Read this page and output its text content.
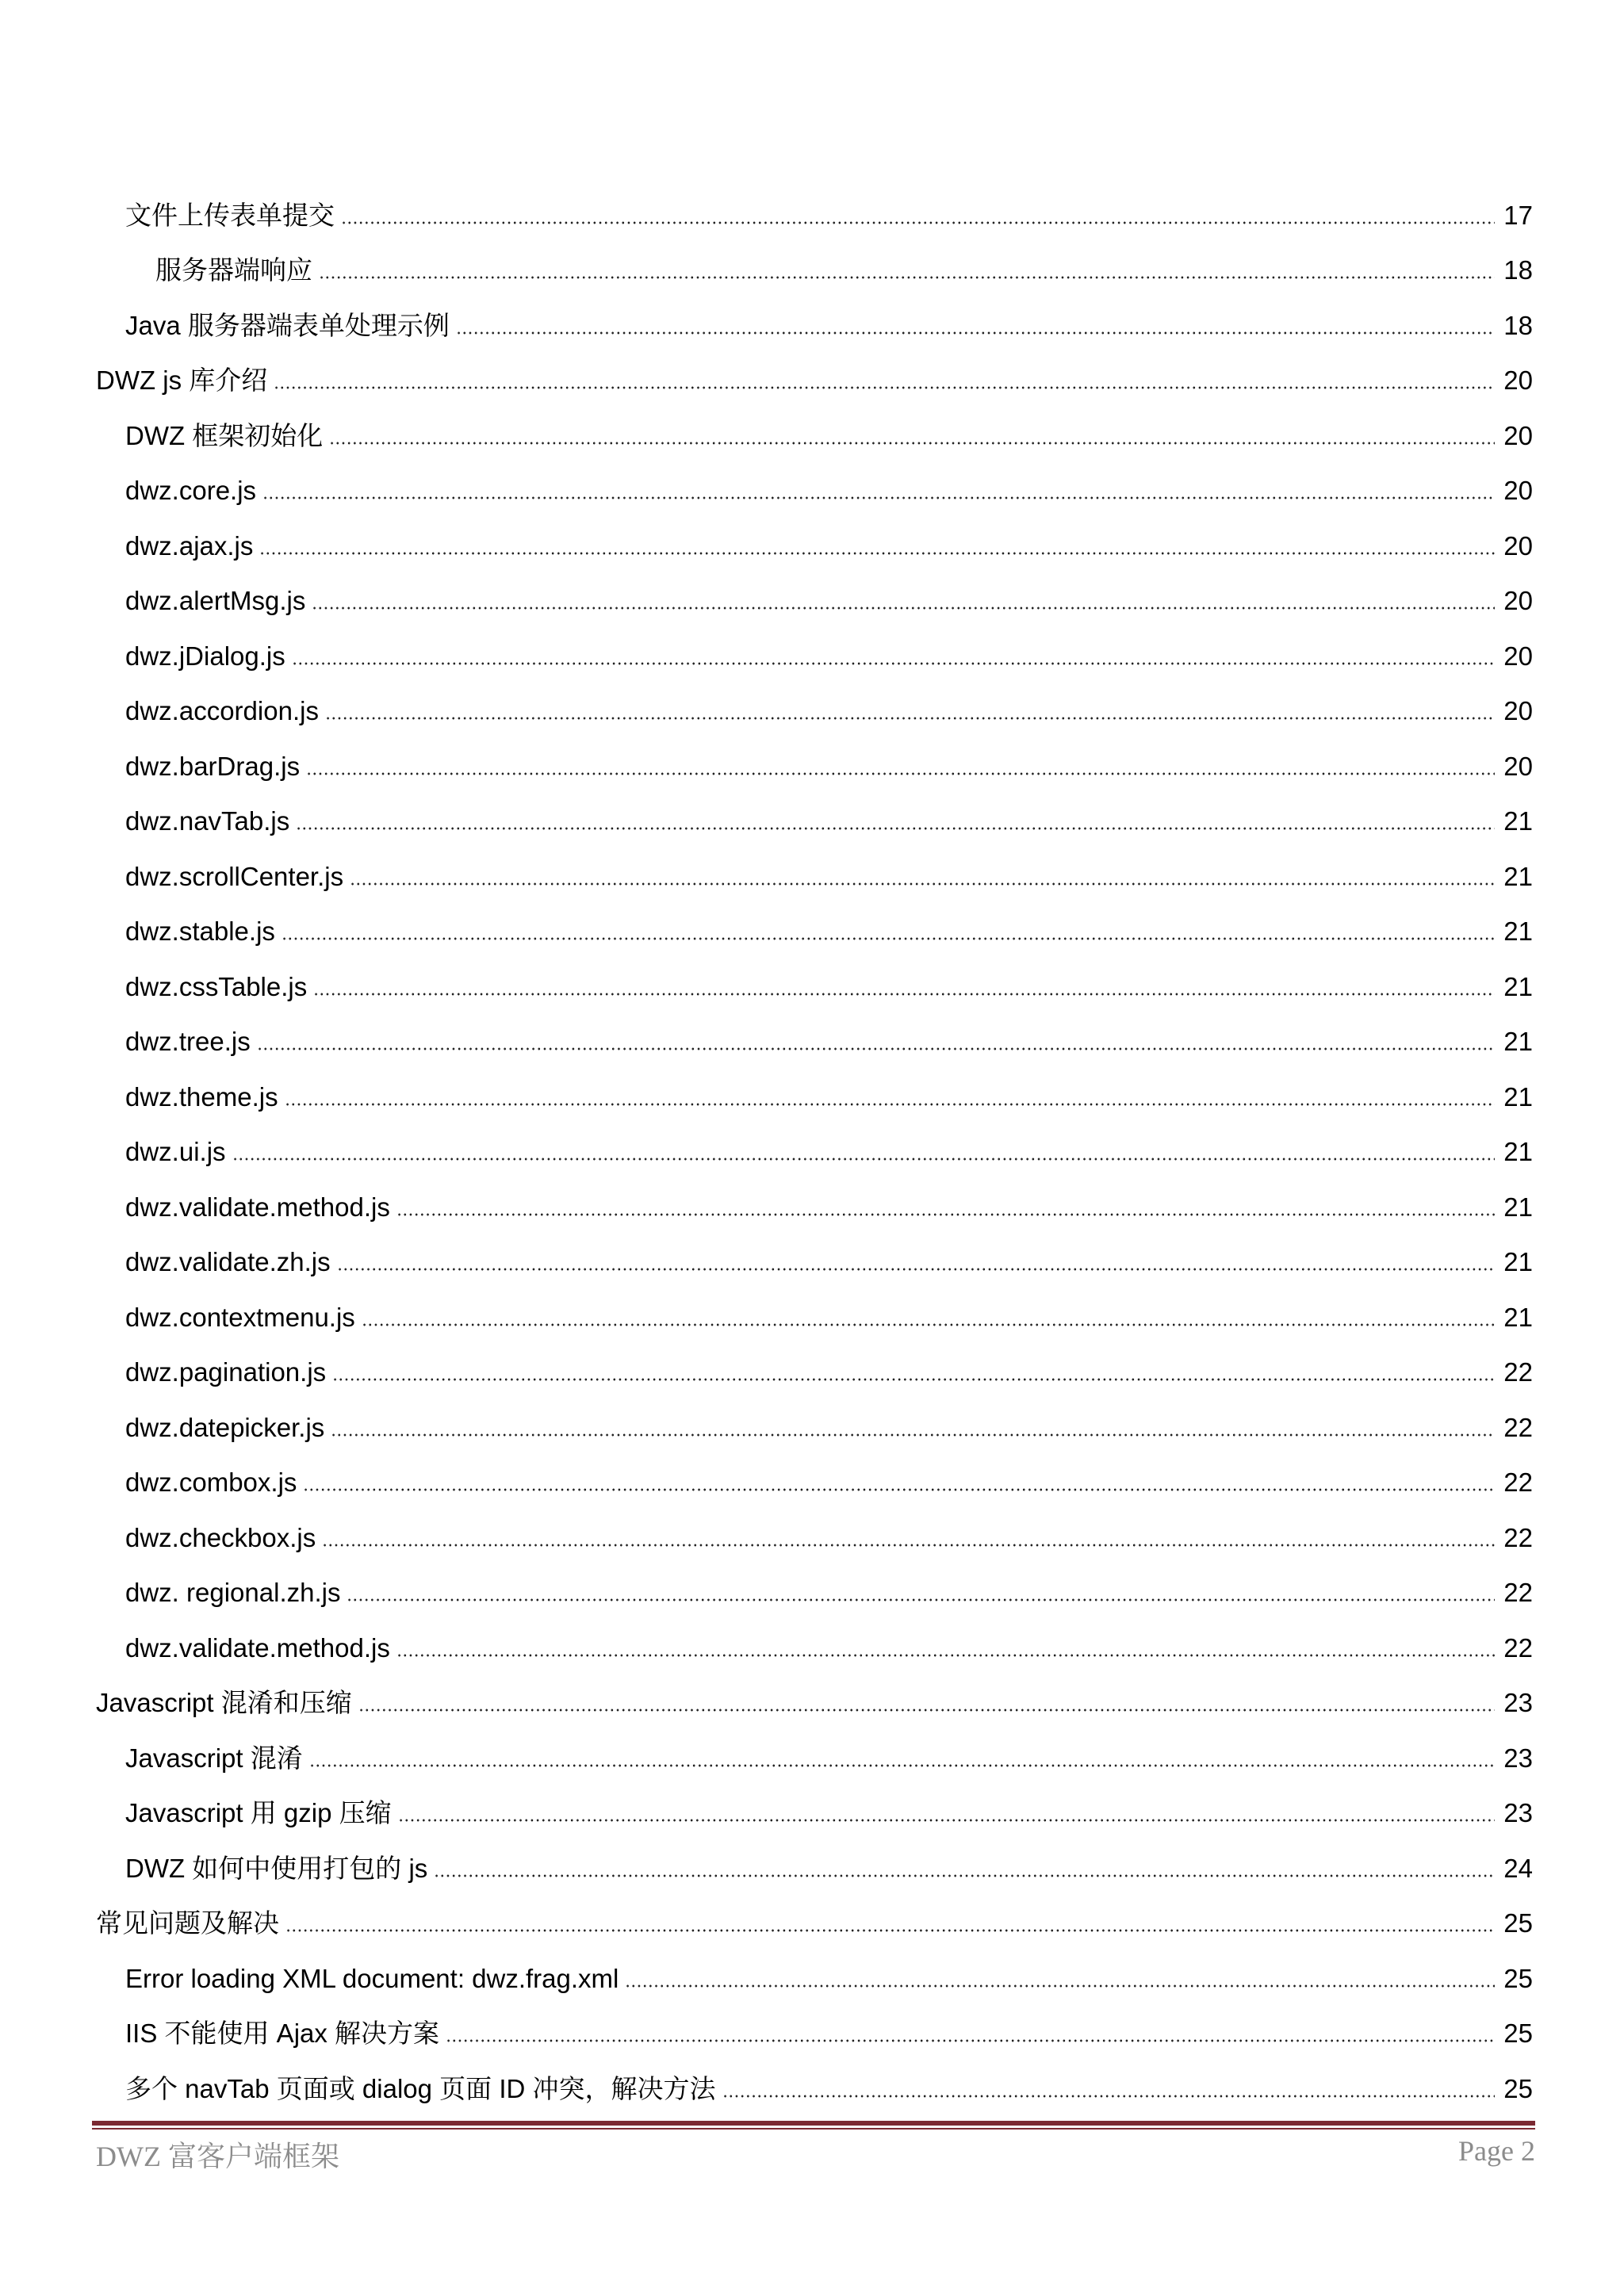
文件上传表单提交	17
服务器端响应	18
Java 服务器端表单处理示例	18
DWZ js 库介绍	20
DWZ 框架初始化	20
dwz.core.js	20
dwz.ajax.js	20
dwz.alertMsg.js	20
dwz.jDialog.js	20
dwz.accordion.js	20
dwz.barDrag.js	20
dwz.navTab.js	21
dwz.scrollCenter.js	21
dwz.stable.js	21
dwz.cssTable.js	21
dwz.tree.js	21
dwz.theme.js	21
dwz.ui.js	21
dwz.validate.method.js	21
dwz.validate.zh.js	21
dwz.contextmenu.js	21
dwz.pagination.js	22
dwz.datepicker.js	22
dwz.combox.js	22
dwz.checkbox.js	22
dwz. regional.zh.js	22
dwz.validate.method.js	22
Javascript 混淆和压缩	23
Javascript 混淆	23
Javascript 用 gzip 压缩	23
DWZ 如何中使用打包的 js	24
常见问题及解决	25
Error loading XML document: dwz.frag.xml	25
IIS 不能使用 Ajax 解决方案	25
多个 navTab 页面或 dialog 页面 ID 冲突，解决方法	25
DWZ 富客户端框架	Page 2
